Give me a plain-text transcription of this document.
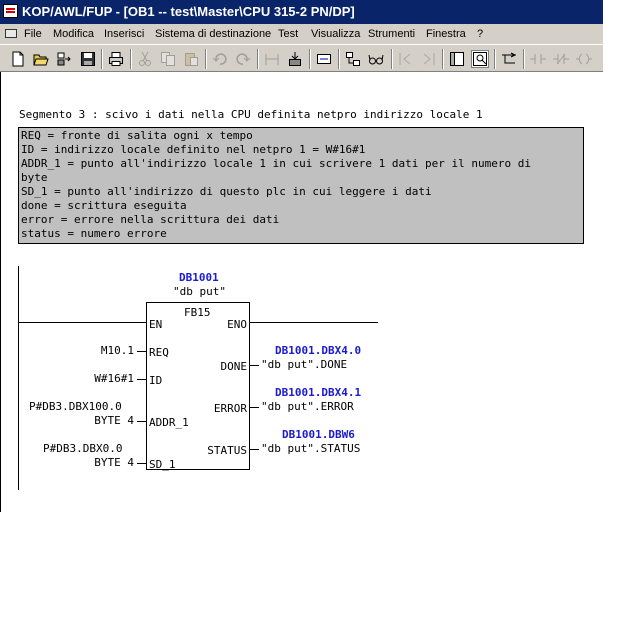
KOP/AWL/FUP - [OB1 -- test\Master\CPU 315-2 PN/DP]
File Modifica Inserisci Sistema di destinazione Test Visualizza Strumenti Finestra ?
Segmento 3 : scivo i dati nella CPU definita netpro indirizzo locale 1
REQ = fronte di salita ogni x tempo
ID = indirizzo locale definito nel netpro 1 = W#16#1
ADDR_1 = punto all'indirizzo locale 1 in cui scrivere 1 dati per il numero di
byte
SD_1 = punto all'indirizzo di questo plc in cui leggere i dati
done = scrittura eseguita
error = errore nella scrittura dei dati
status = numero errore
DB1001
"db put"
FB15
EN
REQ
ID
ADDR_1
SD_1
ENO
DONE
ERROR
STATUS
M10.1
W#16#1
P#DB3.DBX100.0
BYTE 4
P#DB3.DBX0.0
BYTE 4
DB1001.DBX4.0
"db put".DONE
DB1001.DBX4.1
"db put".ERROR
DB1001.DBW6
"db put".STATUS
